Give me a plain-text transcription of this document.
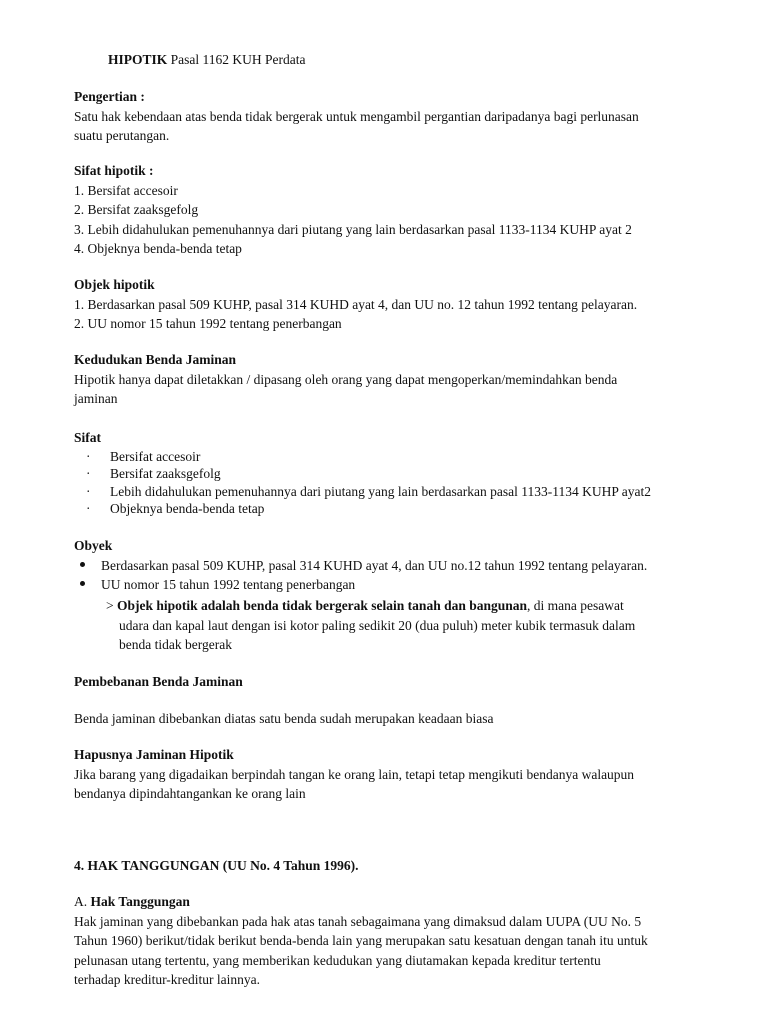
HIPOTIK Pasal 1162 KUH Perdata

Pengertian :

Satu hak kebendaan atas benda tidak bergerak untuk mengambil pergantian daripadanya bagi perlunasan

suatu perutangan.

Sifat hipotik :

1. Bersifat accesoir

2. Bersifat zaaksgefolg

3. Lebih didahulukan pemenuhannya dari piutang yang lain berdasarkan pasal 1133-1134 KUHP ayat 2

4. Objeknya benda-benda tetap

Objek hipotik

1. Berdasarkan pasal 509 KUHP, pasal 314 KUHD ayat 4, dan UU no. 12 tahun 1992 tentang pelayaran.

2. UU nomor 15 tahun 1992 tentang penerbangan

Kedudukan Benda Jaminan

Hipotik hanya dapat diletakkan / dipasang oleh orang yang dapat mengoperkan/memindahkan benda

jaminan

Sifat

· Bersifat accesoir
· Bersifat zaaksgefolg
· Lebih didahulukan pemenuhannya dari piutang yang lain berdasarkan pasal 1133-1134 KUHP ayat2
· Objeknya benda-benda tetap

Obyek

Berdasarkan pasal 509 KUHP, pasal 314 KUHD ayat 4, dan UU no.12 tahun 1992 tentang pelayaran.
UU nomor 15 tahun 1992 tentang penerbangan

> Objek hipotik adalah benda tidak bergerak selain tanah dan bangunan, di mana pesawat

udara dan kapal laut dengan isi kotor paling sedikit 20 (dua puluh) meter kubik termasuk dalam

benda tidak bergerak

Pembebanan Benda Jaminan

Benda jaminan dibebankan diatas satu benda sudah merupakan keadaan biasa

Hapusnya Jaminan Hipotik

Jika barang yang digadaikan berpindah tangan ke orang lain, tetapi tetap mengikuti bendanya walaupun

bendanya dipindahtangankan ke orang lain

4. HAK TANGGUNGAN (UU No. 4 Tahun 1996).

A. Hak Tanggungan

Hak jaminan yang dibebankan pada hak atas tanah sebagaimana yang dimaksud dalam UUPA (UU No. 5

Tahun 1960) berikut/tidak berikut benda-benda lain yang merupakan satu kesatuan dengan tanah itu untuk

pelunasan utang tertentu, yang memberikan kedudukan yang diutamakan kepada kreditur tertentu

terhadap kreditur-kreditur lainnya.
